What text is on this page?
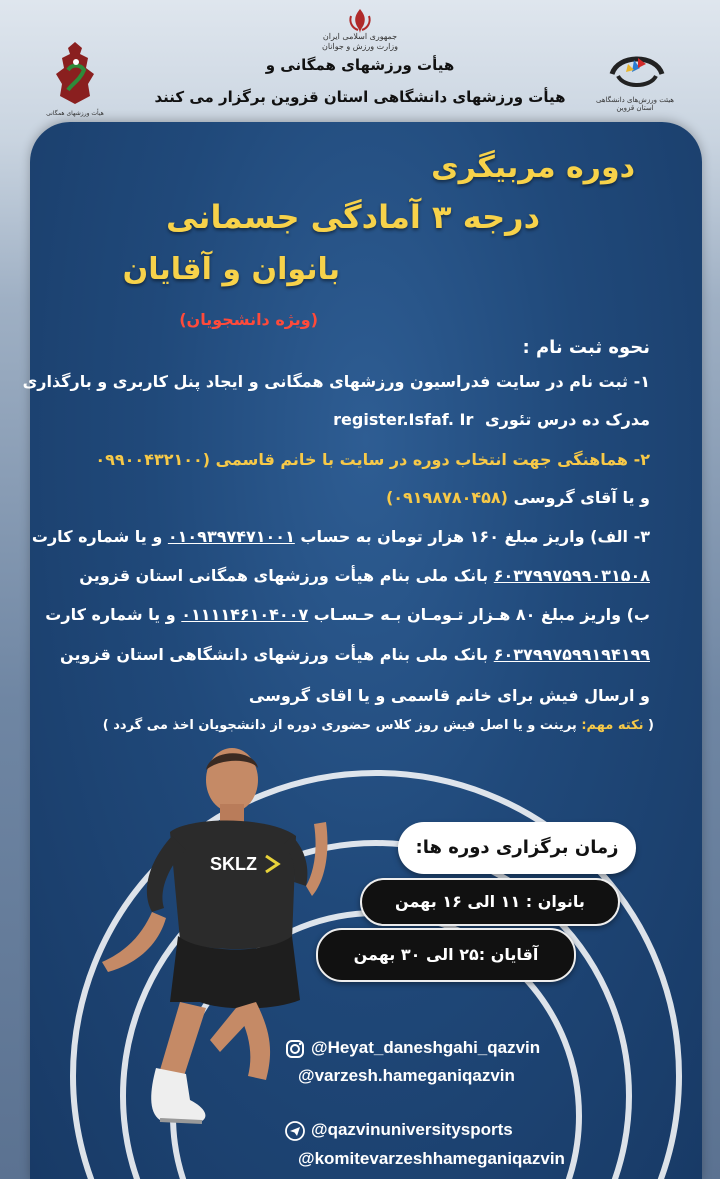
جمهوری اسلامی ایران
وزارت ورزش و جوانان
هیأت ورزشهای همگانی و
هیأت ورزشهای دانشگاهی استان قزوین برگزار می کنند
هیأت ورزشهای همگانی
هیئت ورزش‌های دانشگاهی استان قزوین
دوره مربیگری
درجه ۳ آمادگی جسمانی
بانوان و آقایان
(ویژه دانشجویان)
نحوه ثبت نام :
۱- ثبت نام در سایت فدراسیون ورزشهای همگانی و ایجاد پنل کاربری و بارگذاری
مدرک ده درس تئوری register.Isfaf. Ir
۲- هماهنگی جهت انتخاب دوره در سایت با خانم قاسمی (۰۹۹۰۰۴۳۲۱۰۰
و یا آقای گروسی (۰۹۱۹۸۷۸۰۴۵۸)
۳- الف) واریز مبلغ ۱۶۰ هزار تومان به حساب ۰۱۰۹۳۹۷۴۷۱۰۰۱ و یا شماره کارت
۶۰۳۷۹۹۷۵۹۹۰۳۱۵۰۸ بانک ملی بنام هیأت ورزشهای همگانی استان قزوین
ب) واریز مبلغ ۸۰ هـزار تـومـان بـه حـسـاب ۰۱۱۱۱۴۶۱۰۴۰۰۷ و یا شماره کارت
۶۰۳۷۹۹۷۵۹۹۱۹۴۱۹۹ بانک ملی بنام هیأت ورزشهای دانشگاهی استان قزوین
و ارسال فیش برای خانم قاسمی و یا اقای گروسی
( نکته مهم: پرینت و یا اصل فیش روز کلاس حضوری دوره از دانشجویان اخذ می گردد )
SKLZ
زمان برگزاری دوره ها:
بانوان : ۱۱ الی ۱۶ بهمن
آقایان :۲۵ الی ۳۰ بهمن
@Heyat_daneshgahi_qazvin
@varzesh.hameganiqazvin
@qazvinuniversitysports
@komitevarzeshhameganiqazvin
